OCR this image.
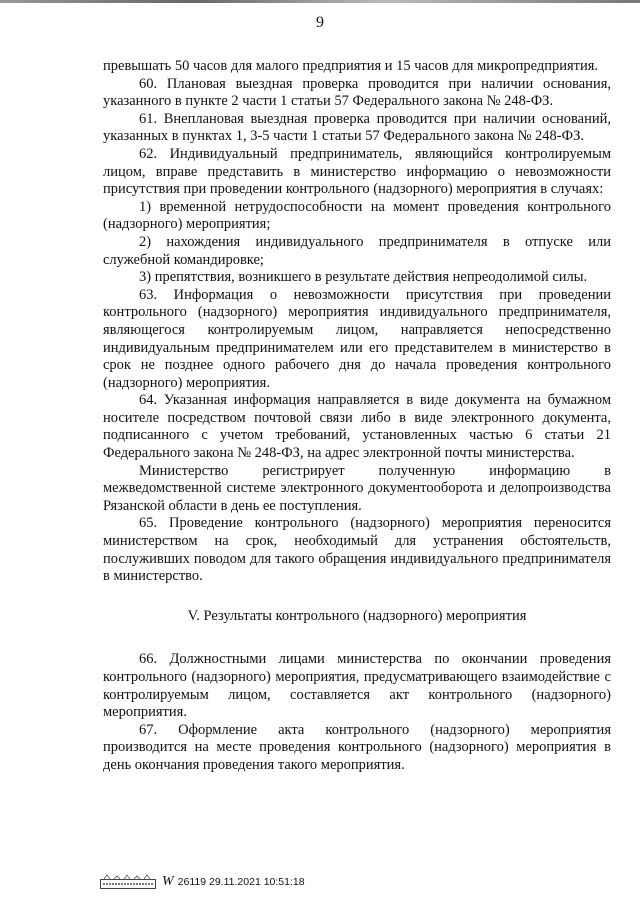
9

превышать 50 часов для малого предприятия и 15 часов для микропредприятия.

60. Плановая выездная проверка проводится при наличии основания, указанного в пункте 2 части 1 статьи 57 Федерального закона № 248-ФЗ.

61. Внеплановая выездная проверка проводится при наличии оснований, указанных в пунктах 1, 3-5 части 1 статьи 57 Федерального закона № 248-ФЗ.

62. Индивидуальный предприниматель, являющийся контролируемым лицом, вправе представить в министерство информацию о невозможности присутствия при проведении контрольного (надзорного) мероприятия в случаях:

1) временной нетрудоспособности на момент проведения контрольного (надзорного) мероприятия;

2) нахождения индивидуального предпринимателя в отпуске или служебной командировке;

3) препятствия, возникшего в результате действия непреодолимой силы.

63. Информация о невозможности присутствия при проведении контрольного (надзорного) мероприятия индивидуального предпринимателя, являющегося контролируемым лицом, направляется непосредственно индивидуальным предпринимателем или его представителем в министерство в срок не позднее одного рабочего дня до начала проведения контрольного (надзорного) мероприятия.

64. Указанная информация направляется в виде документа на бумажном носителе посредством почтовой связи либо в виде электронного документа, подписанного с учетом требований, установленных частью 6 статьи 21 Федерального закона № 248-ФЗ, на адрес электронной почты министерства.

Министерство регистрирует полученную информацию в межведомственной системе электронного документооборота и делопроизводства Рязанской области в день ее поступления.

65. Проведение контрольного (надзорного) мероприятия переносится министерством на срок, необходимый для устранения обстоятельств, послуживших поводом для такого обращения индивидуального предпринимателя в министерство.

V. Результаты контрольного (надзорного) мероприятия

66. Должностными лицами министерства по окончании проведения контрольного (надзорного) мероприятия, предусматривающего взаимодействие с контролируемым лицом, составляется акт контрольного (надзорного) мероприятия.

67. Оформление акта контрольного (надзорного) мероприятия производится на месте проведения контрольного (надзорного) мероприятия в день окончания проведения такого мероприятия.

W 26119 29.11.2021 10:51:18
